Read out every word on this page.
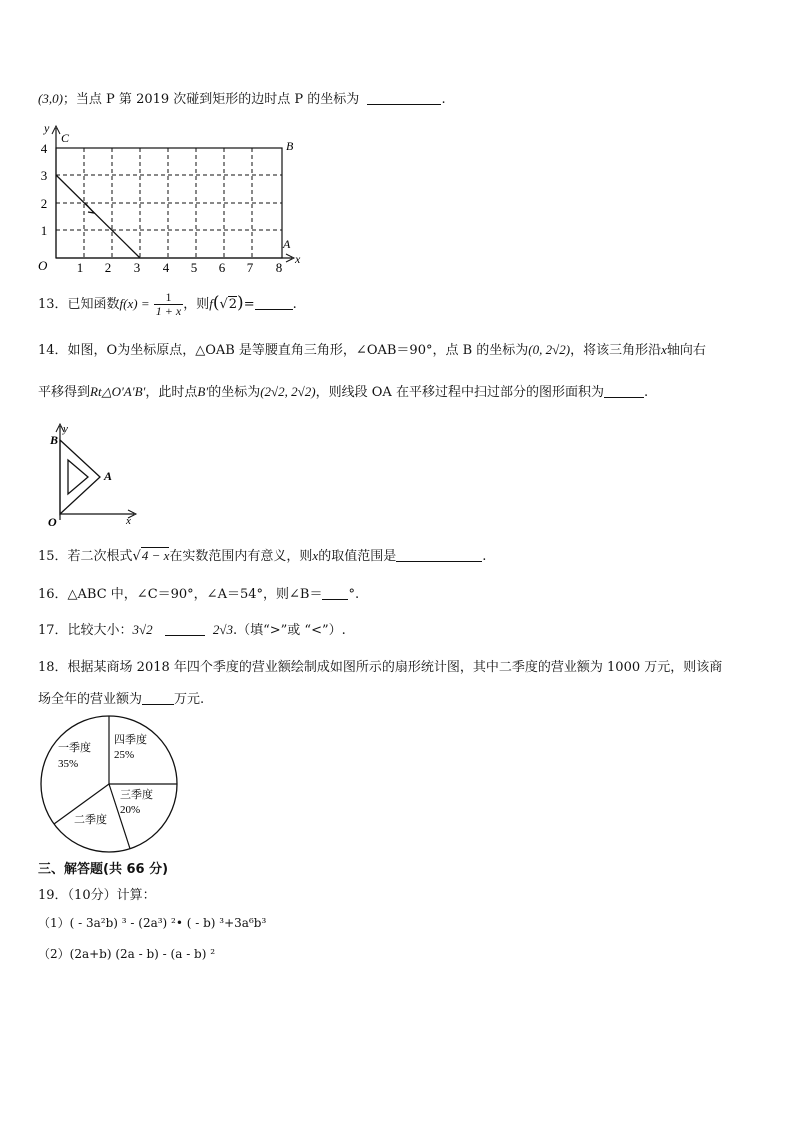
(3,0)；当点 P 第 2019 次碰到矩形的边时点 P 的坐标为	.
y
x
O
C
B
A
1 2 3 4 5 6 7 8
1
2
3
4
13．已知函数$f(x) = \frac{1}{1 + x}$ ，则f(√2)=	.
14．如图，O为坐标原点，△OAB 是等腰直角三角形，∠OAB＝90°，点 B 的坐标为(0, 2√2)，将该三角形沿x轴向右
平移得到Rt△O′A′B′，此时点B′的坐标为(2√2, 2√2)，则线段 OA 在平移过程中扫过部分的图形面积为	.
y
x
B
A
O
15．若二次根式√4 − x在实数范围内有意义，则x的取值范围是	.
16．△ABC 中，∠C＝90°，∠A＝54°，则∠B＝ °.
17．比较大小：3√2	2√3.（填“>”或 “<”）.
18．根据某商场 2018 年四个季度的营业额绘制成如图所示的扇形统计图，其中二季度的营业额为 1000 万元，则该商
场全年的营业额为 万元.
一季度
35%
四季度
25%
三季度
20%
二季度
三、解答题(共 66 分)
19．（10分）计算：
（1）( - 3a²b) ³ - (2a³) ²• ( - b) ³+3a⁶b³
（2）(2a+b) (2a - b) - (a - b) ²
